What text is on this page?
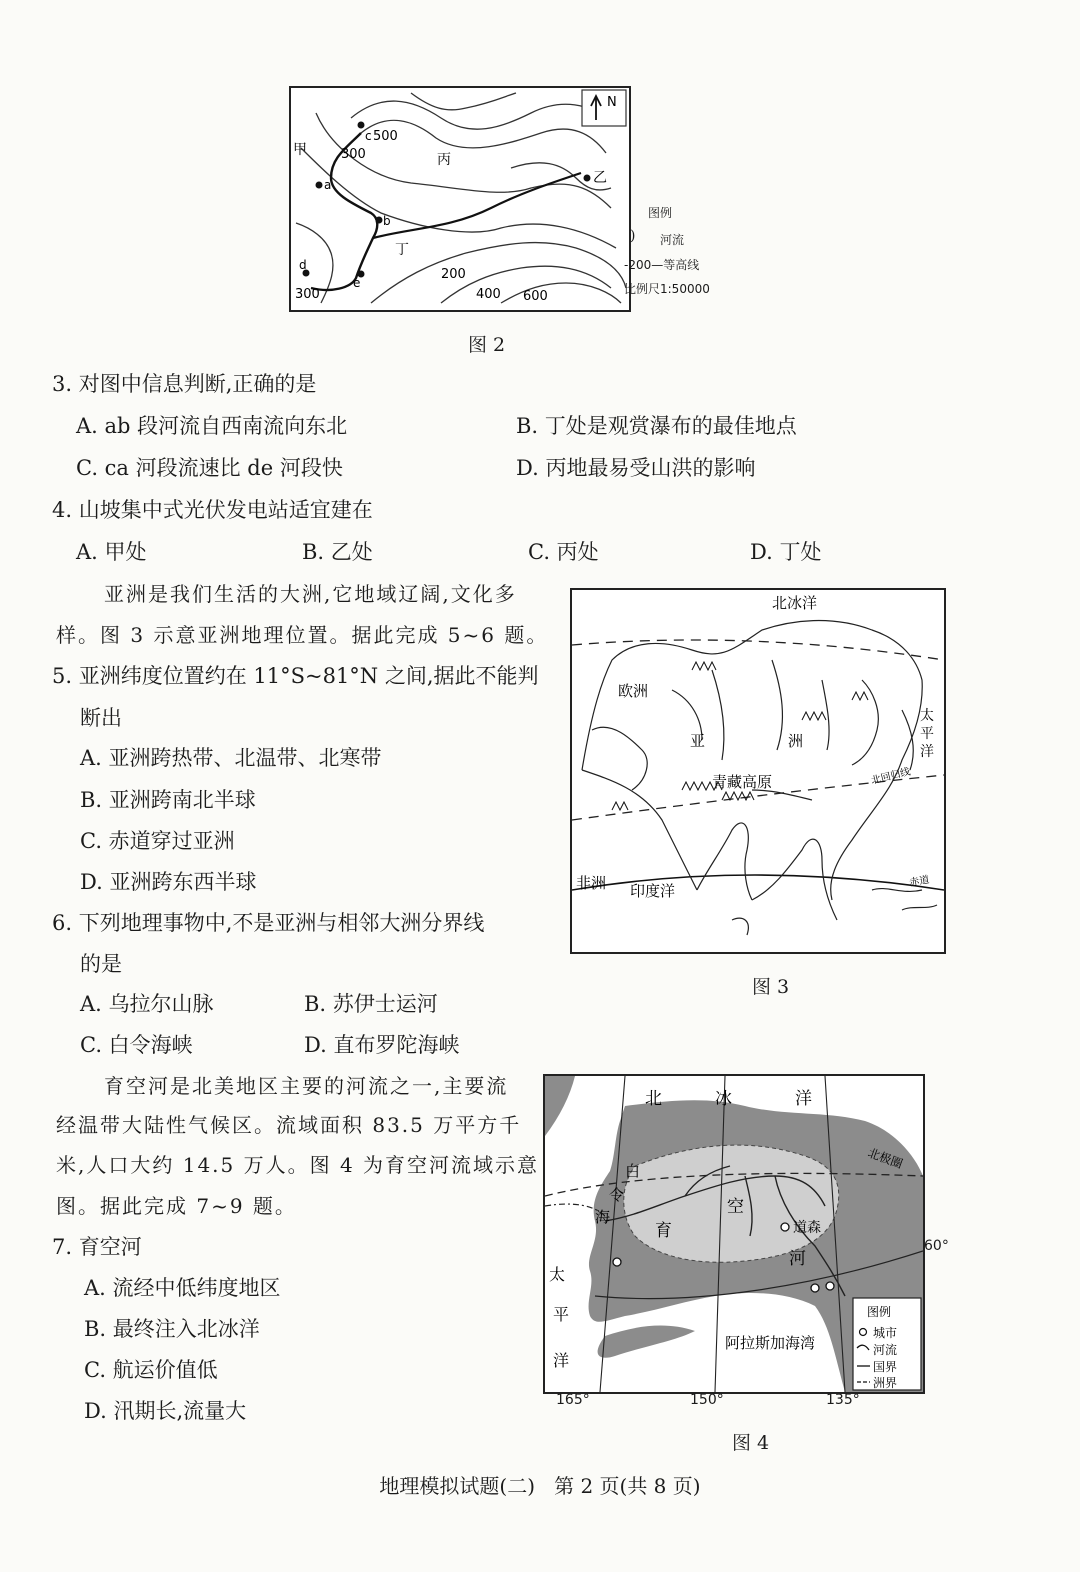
N
甲
乙
丙
丁
a
b
c
d
e
500
300
200
400 600
300
图例
) 河流
-200—等高线
比例尺1:50000
图 2
3. 对图中信息判断,正确的是
A. ab 段河流自西南流向东北	B. 丁处是观赏瀑布的最佳地点
C. ca 河段流速比 de 河段快	D. 丙地最易受山洪的影响
4. 山坡集中式光伏发电站适宜建在
A. 甲处	B. 乙处	C. 丙处	D. 丁处
亚洲是我们生活的大洲,它地域辽阔,文化多
样。图 3 示意亚洲地理位置。据此完成 5~6 题。
5. 亚洲纬度位置约在 11°S~81°N 之间,据此不能判
断出
A. 亚洲跨热带、北温带、北寒带
B. 亚洲跨南北半球
C. 赤道穿过亚洲
D. 亚洲跨东西半球
6. 下列地理事物中,不是亚洲与相邻大洲分界线
的是
A. 乌拉尔山脉	B. 苏伊士运河
C. 白令海峡	D. 直布罗陀海峡
北冰洋
欧洲
亚	洲
太
平
洋
北回归线
青藏高原
非洲 印度洋
赤道
图 3
育空河是北美地区主要的河流之一,主要流
经温带大陆性气候区。流域面积 83.5 万平方千
米,人口大约 14.5 万人。图 4 为育空河流域示意
图。据此完成 7~9 题。
7. 育空河
A. 流经中低纬度地区
B. 最终注入北冰洋
C. 航运价值低
D. 汛期长,流量大
北	冰	洋
北极圈
白
令
海
育
空
河
道森
太
平
洋
阿拉斯加海湾
图例
城市
河流
国界
洲界
60°
165°	150°	135°
图 4
地理模拟试题(二)   第 2 页(共 8 页)
